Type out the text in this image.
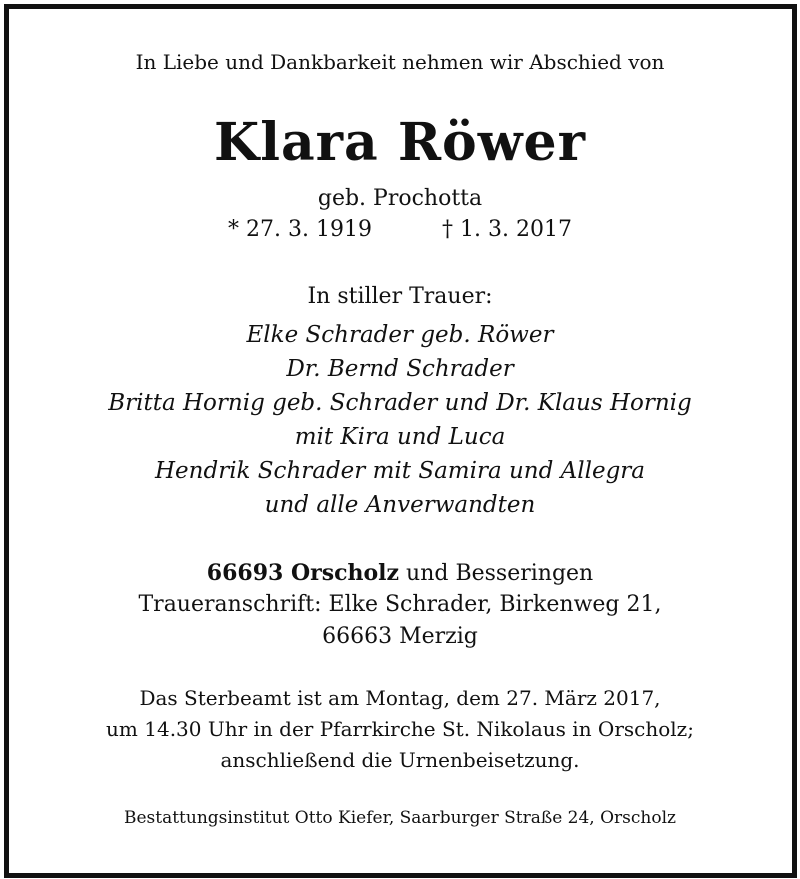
In Liebe und Dankbarkeit nehmen wir Abschied von
Klara Röwer
geb. Prochotta
* 27. 3. 1919	† 1. 3. 2017
In stiller Trauer:
Elke Schrader geb. Röwer
Dr. Bernd Schrader
Britta Hornig geb. Schrader und Dr. Klaus Hornig
mit Kira und Luca
Hendrik Schrader mit Samira und Allegra
und alle Anverwandten
66693 Orscholz und Besseringen
Traueranschrift: Elke Schrader, Birkenweg 21,
66663 Merzig
Das Sterbeamt ist am Montag, dem 27. März 2017,
um 14.30 Uhr in der Pfarrkirche St. Nikolaus in Orscholz;
anschließend die Urnenbeisetzung.
Bestattungsinstitut Otto Kiefer, Saarburger Straße 24, Orscholz
